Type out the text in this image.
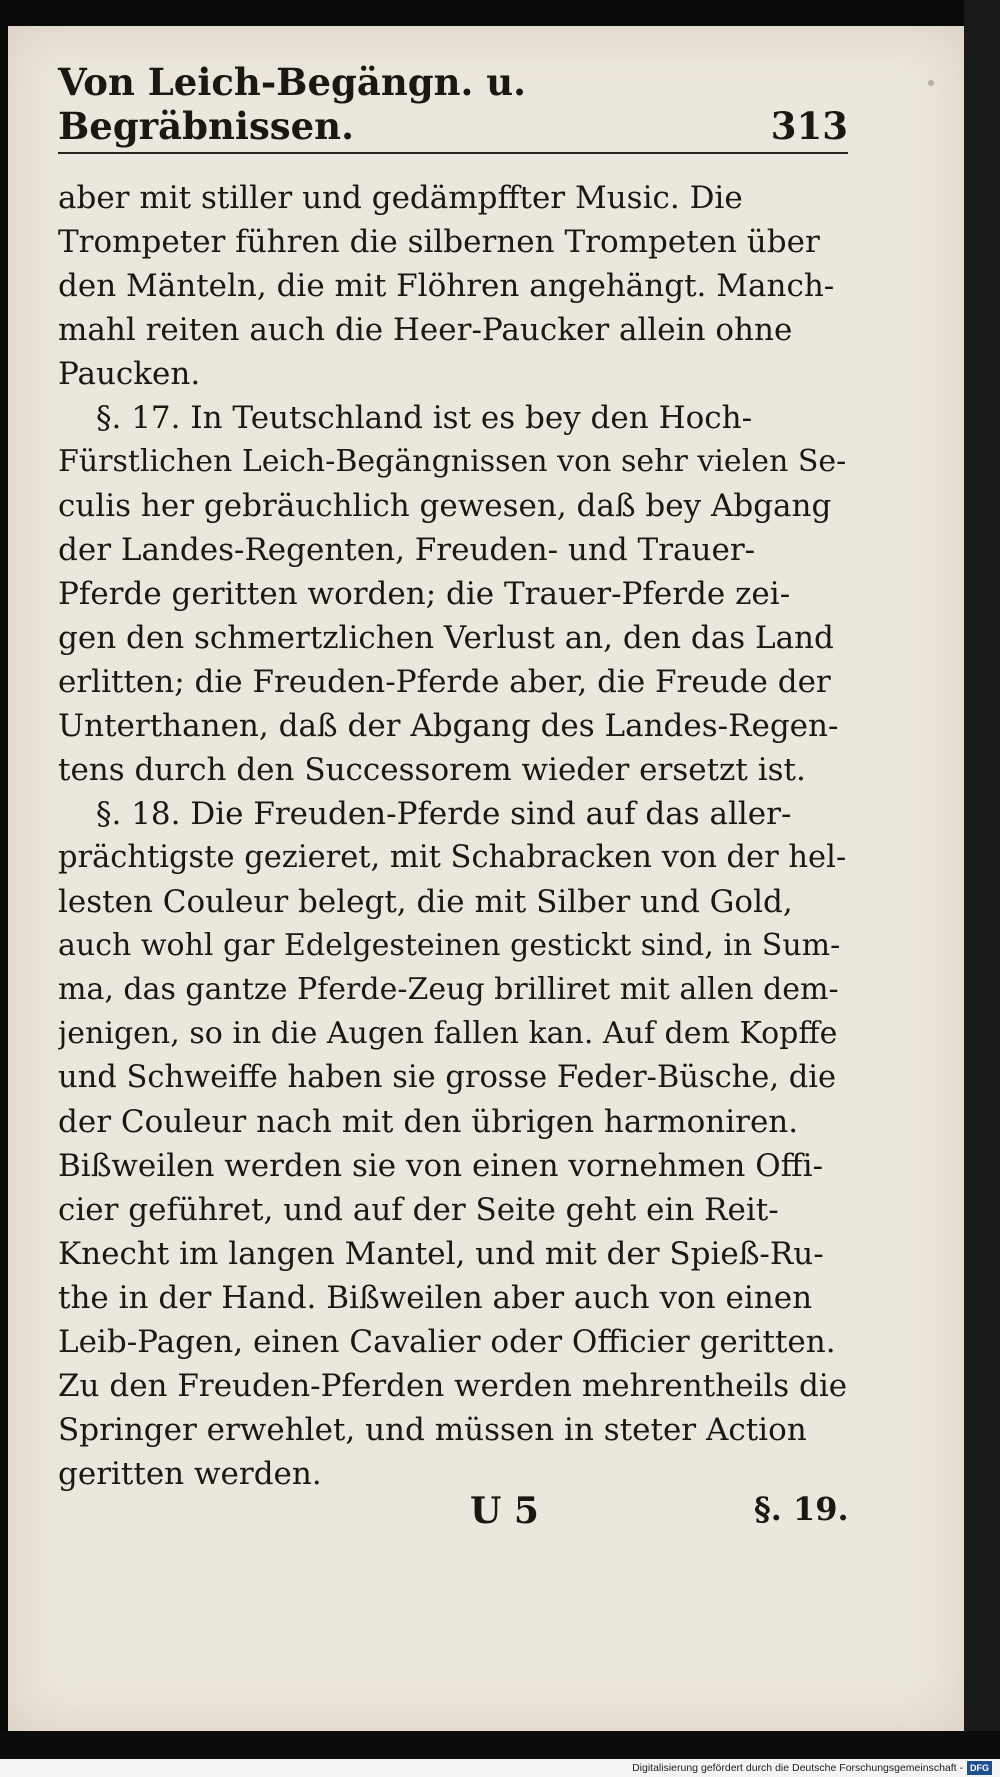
Von Leich-Begängn. u. Begräbnissen.	313
aber mit stiller und gedämpffter Music. Die
Trompeter führen die silbernen Trompeten über
den Mänteln, die mit Flöhren angehängt. Manch-
mahl reiten auch die Heer-Paucker allein ohne
Paucken.
§. 17. In Teutschland ist es bey den Hoch-
Fürstlichen Leich-Begängnissen von sehr vielen Se-
culis her gebräuchlich gewesen, daß bey Abgang
der Landes-Regenten, Freuden- und Trauer-
Pferde geritten worden; die Trauer-Pferde zei-
gen den schmertzlichen Verlust an, den das Land
erlitten; die Freuden-Pferde aber, die Freude der
Unterthanen, daß der Abgang des Landes-Regen-
tens durch den Successorem wieder ersetzt ist.
§. 18. Die Freuden-Pferde sind auf das aller-
prächtigste gezieret, mit Schabracken von der hel-
lesten Couleur belegt, die mit Silber und Gold,
auch wohl gar Edelgesteinen gestickt sind, in Sum-
ma, das gantze Pferde-Zeug brilliret mit allen dem-
jenigen, so in die Augen fallen kan. Auf dem Kopffe
und Schweiffe haben sie grosse Feder-Büsche, die
der Couleur nach mit den übrigen harmoniren.
Bißweilen werden sie von einen vornehmen Offi-
cier geführet, und auf der Seite geht ein Reit-
Knecht im langen Mantel, und mit der Spieß-Ru-
the in der Hand. Bißweilen aber auch von einen
Leib-Pagen, einen Cavalier oder Officier geritten.
Zu den Freuden-Pferden werden mehrentheils die
Springer erwehlet, und müssen in steter Action
geritten werden.
U 5	§. 19.
Digitalisierung gefördert durch die Deutsche Forschungsgemeinschaft - DFG
